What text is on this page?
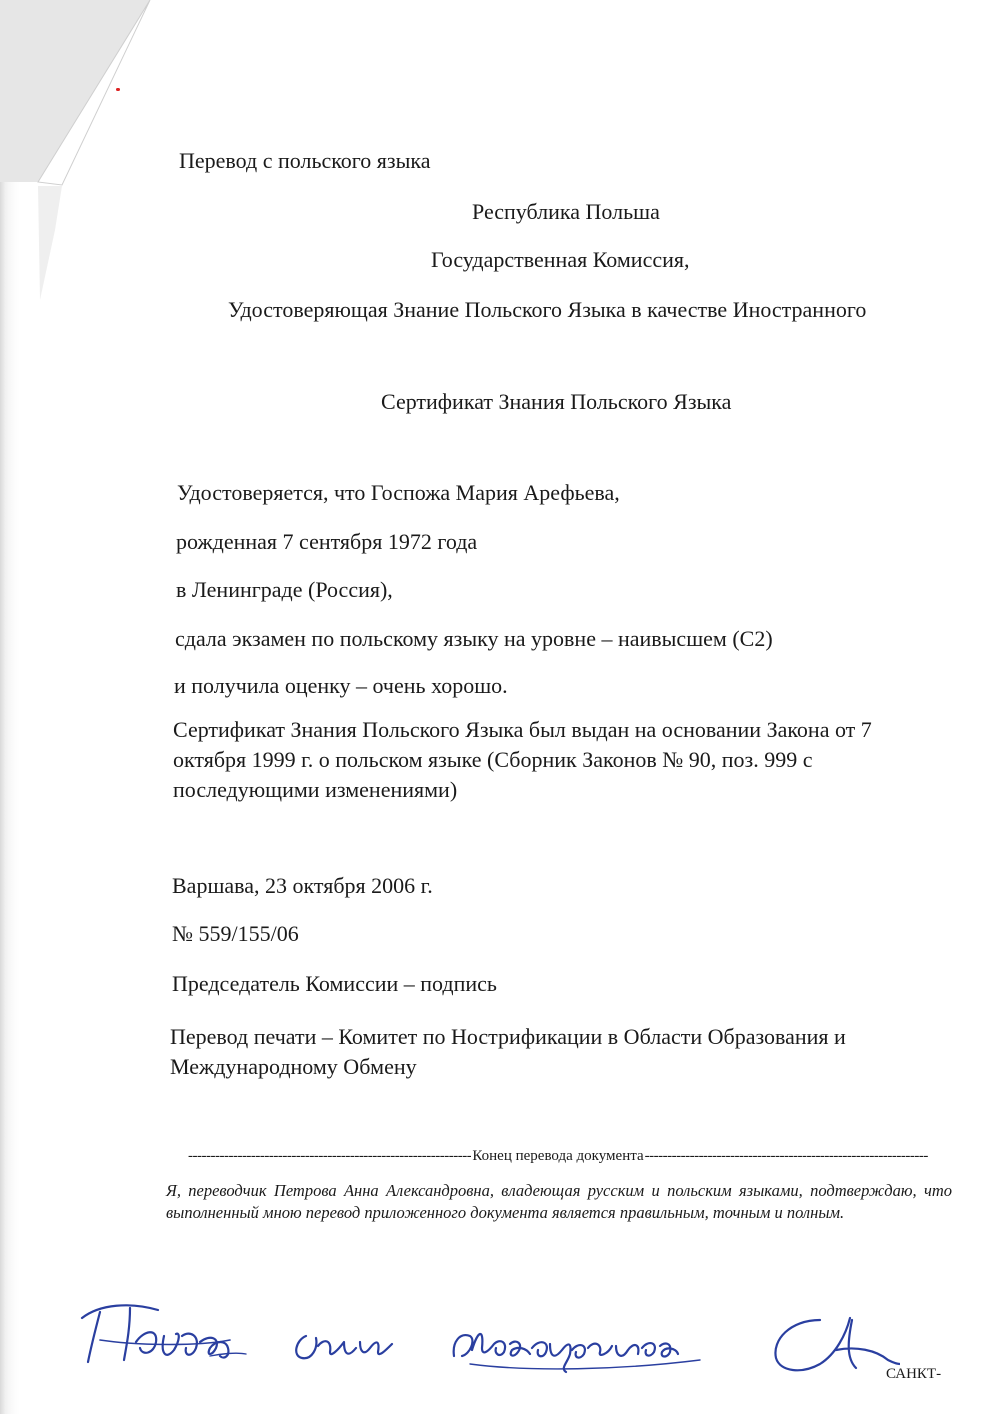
Перевод с польского языка
Республика Польша
Государственная Комиссия,
Удостоверяющая Знание Польского Языка в качестве Иностранного
Сертификат Знания Польского Языка
Удостоверяется, что Госпожа Мария Арефьева,
рожденная 7 сентября 1972 года
в Ленинграде (Россия),
сдала экзамен по польскому языку на уровне – наивысшем (С2)
и получила оценку – очень хорошо.
Сертификат Знания Польского Языка был выдан на основании Закона от 7 октября 1999 г. о польском языке (Сборник Законов № 90, поз. 999 с последующими изменениями)
Варшава, 23 октября 2006 г.
№ 559/155/06
Председатель Комиссии – подпись
Перевод печати – Комитет по Нострификации в Области Образования и Международному Обмену
-----
Конец перевода документа
-----
Я, переводчик Петрова Анна Александровна, владеющая русским и польским языками, подтверждаю, что выполненный мною перевод приложенного документа является правильным, точным и полным.
САНКТ-
